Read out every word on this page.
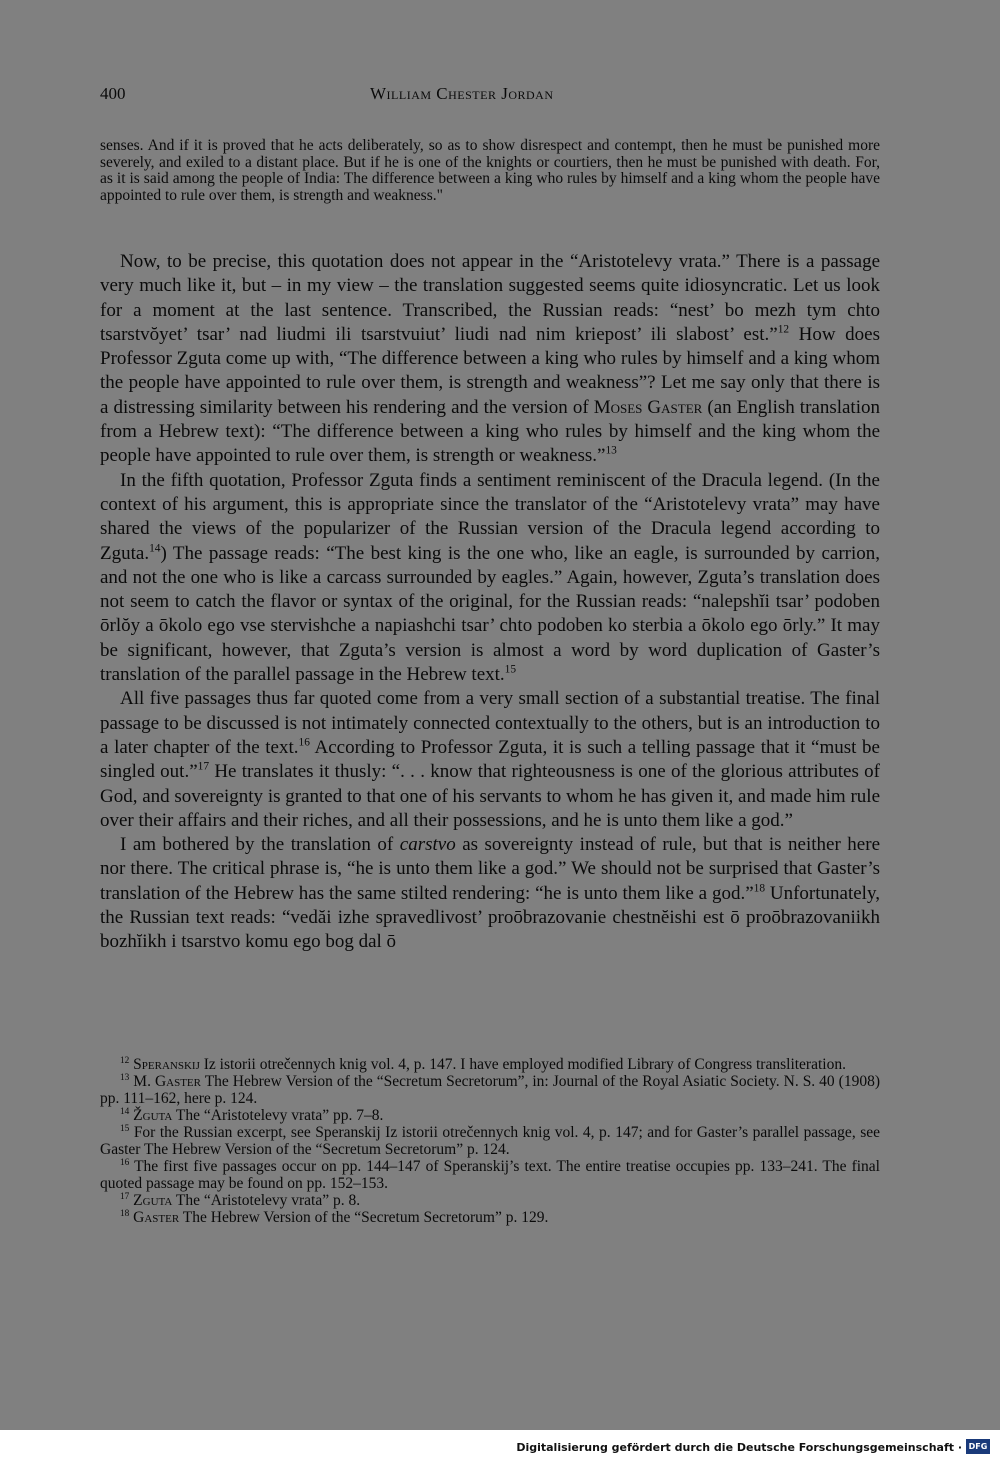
400	William Chester Jordan
senses. And if it is proved that he acts deliberately, so as to show disrespect and contempt, then he must be punished more severely, and exiled to a distant place. But if he is one of the knights or courtiers, then he must be punished with death. For, as it is said among the people of India: The difference between a king who rules by himself and a king whom the people have appointed to rule over them, is strength and weakness."

Now, to be precise, this quotation does not appear in the “Aristotelevy vrata.” There is a passage very much like it, but – in my view – the translation suggested seems quite idiosyncratic. Let us look for a moment at the last sentence. Transcribed, the Russian reads: “nest’ bo mezh tym chto tsarstvŏyet’ tsar’ nad liudmi ili tsarstvuiut’ liudi nad nim kriepost’ ili slabost’ est.”$^{12}$ How does Professor Zguta come up with, “The difference between a king who rules by himself and a king whom the people have appointed to rule over them, is strength and weakness”? Let me say only that there is a distressing similarity between his rendering and the version of Moses Gaster (an English translation from a Hebrew text): “The difference between a king who rules by himself and the king whom the people have appointed to rule over them, is strength or weakness.”$^{13}$

In the fifth quotation, Professor Zguta finds a sentiment reminiscent of the Dracula legend. (In the context of his argument, this is appropriate since the translator of the “Aristotelevy vrata” may have shared the views of the popularizer of the Russian version of the Dracula legend according to Zguta.$^{14}$) The passage reads: “The best king is the one who, like an eagle, is surrounded by carrion, and not the one who is like a carcass surrounded by eagles.” Again, however, Zguta’s translation does not seem to catch the flavor or syntax of the original, for the Russian reads: “nalepshĭi tsar’ podoben ōrlŏy a ōkolo ego vse stervishche a napiashchi tsar’ chto podoben ko sterbia a ōkolo ego ōrly.” It may be significant, however, that Zguta’s version is almost a word by word duplication of Gaster’s translation of the parallel passage in the Hebrew text.$^{15}$

All five passages thus far quoted come from a very small section of a substantial treatise. The final passage to be discussed is not intimately connected contextually to the others, but is an introduction to a later chapter of the text.$^{16}$ According to Professor Zguta, it is such a telling passage that it “must be singled out.”$^{17}$ He translates it thusly: “. . . know that righteousness is one of the glorious attributes of God, and sovereignty is granted to that one of his servants to whom he has given it, and made him rule over their affairs and their riches, and all their possessions, and he is unto them like a god.”

I am bothered by the translation of carstvo as sovereignty instead of rule, but that is neither here nor there. The critical phrase is, “he is unto them like a god.” We should not be surprised that Gaster’s translation of the Hebrew has the same stilted rendering: “he is unto them like a god.”$^{18}$ Unfortunately, the Russian text reads: “vedăi izhe spravedlivost’ proōbrazovanie chestnĕishi est ō proōbrazovaniikh bozhĭikh i tsarstvo komu ego bog dal ō

$^{12}$ Speranskij Iz istorii otrečennych knig vol. 4, p. 147. I have employed modified Library of Congress transliteration.

$^{13}$ M. Gaster The Hebrew Version of the “Secretum Secretorum”, in: Journal of the Royal Asiatic Society. N. S. 40 (1908) pp. 111–162, here p. 124.

$^{14}$ Žguta The “Aristotelevy vrata” pp. 7–8.

$^{15}$ For the Russian excerpt, see Speranskij Iz istorii otrečennych knig vol. 4, p. 147; and for Gaster’s parallel passage, see Gaster The Hebrew Version of the “Secretum Secretorum” p. 124.

$^{16}$ The first five passages occur on pp. 144–147 of Speranskij’s text. The entire treatise occupies pp. 133–241. The final quoted passage may be found on pp. 152–153.

$^{17}$ Zguta The “Aristotelevy vrata” p. 8.

$^{18}$ Gaster The Hebrew Version of the “Secretum Secretorum” p. 129.

Digitalisierung gefördert durch die Deutsche Forschungsgemeinschaft · DFG
